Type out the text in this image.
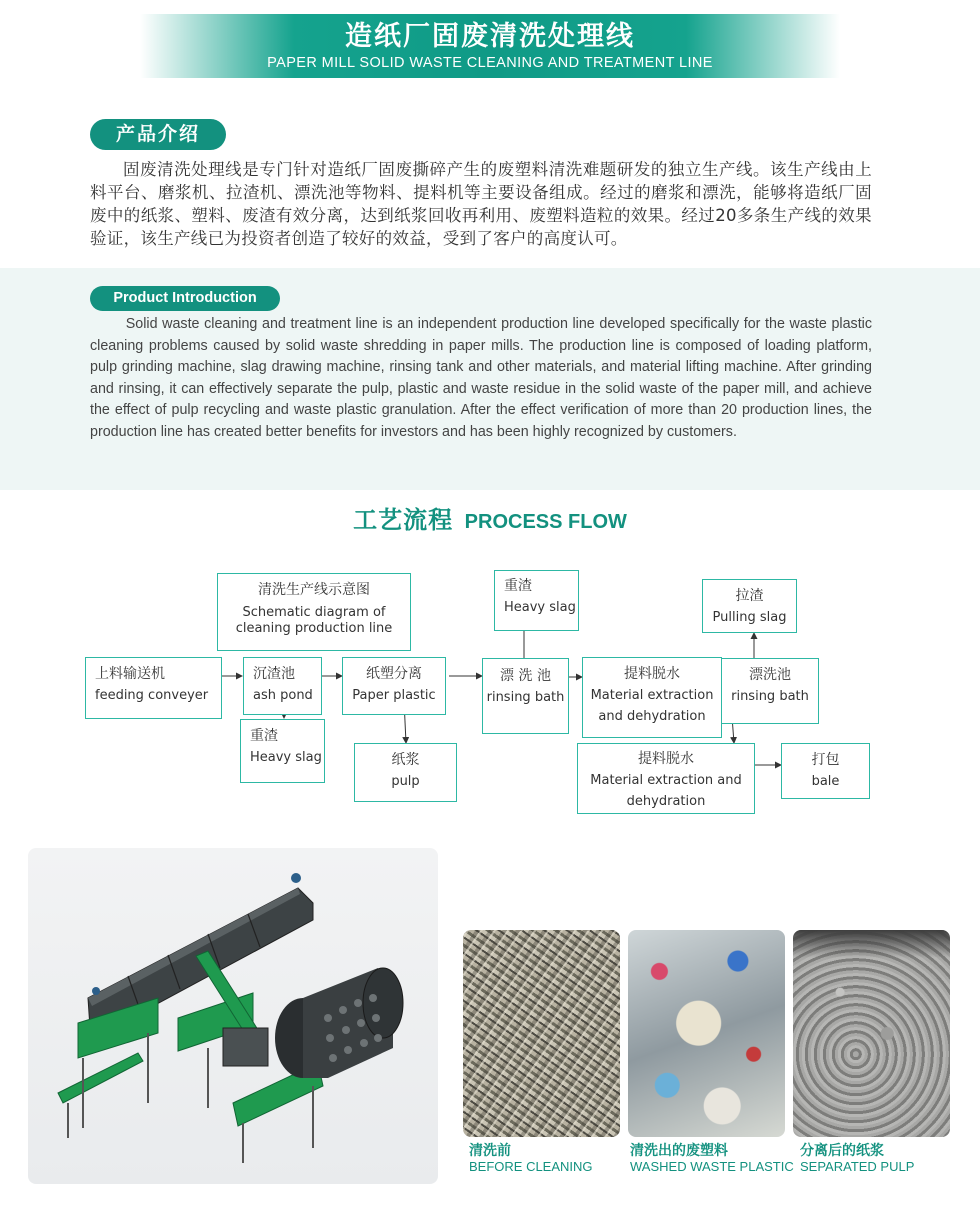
造纸厂固废清洗处理线
PAPER MILL SOLID WASTE CLEANING AND TREATMENT LINE
产品介绍

固废清洗处理线是专门针对造纸厂固废撕碎产生的废塑料清洗难题研发的独立生产线。该生产线由上料平台、磨浆机、拉渣机、漂洗池等物料、提料机等主要设备组成。经过的磨浆和漂洗，能够将造纸厂固废中的纸浆、塑料、废渣有效分离，达到纸浆回收再利用、废塑料造粒的效果。经过20多条生产线的效果验证，该生产线已为投资者创造了较好的效益，受到了客户的高度认可。

Product Introduction

Solid waste cleaning and treatment line is an independent production line developed specifically for the waste plastic cleaning problems caused by solid waste shredding in paper mills. The production line is composed of loading platform, pulp grinding machine, slag drawing machine, rinsing tank and other materials, and material lifting machine. After grinding and rinsing, it can effectively separate the pulp, plastic and waste residue in the solid waste of the paper mill, and achieve the effect of pulp recycling and waste plastic granulation. After the effect verification of more than 20 production lines, the production line has created better benefits for investors and has been highly recognized by customers.

工艺流程 PROCESS FLOW
清洗生产线示意图
Schematic diagram of
cleaning production line
上料输送机
feeding conveyer
沉渣池
ash pond
重渣
Heavy slag
纸塑分离
Paper plastic
纸浆
pulp
重渣
Heavy slag
漂 洗 池
rinsing bath
提料脱水
Material extraction
and dehydration
拉渣
Pulling slag
漂洗池
rinsing bath
提料脱水
Material extraction and
dehydration
打包
bale
清洗前
BEFORE CLEANING
清洗出的废塑料
WASHED WASTE PLASTIC
分离后的纸浆
SEPARATED PULP
